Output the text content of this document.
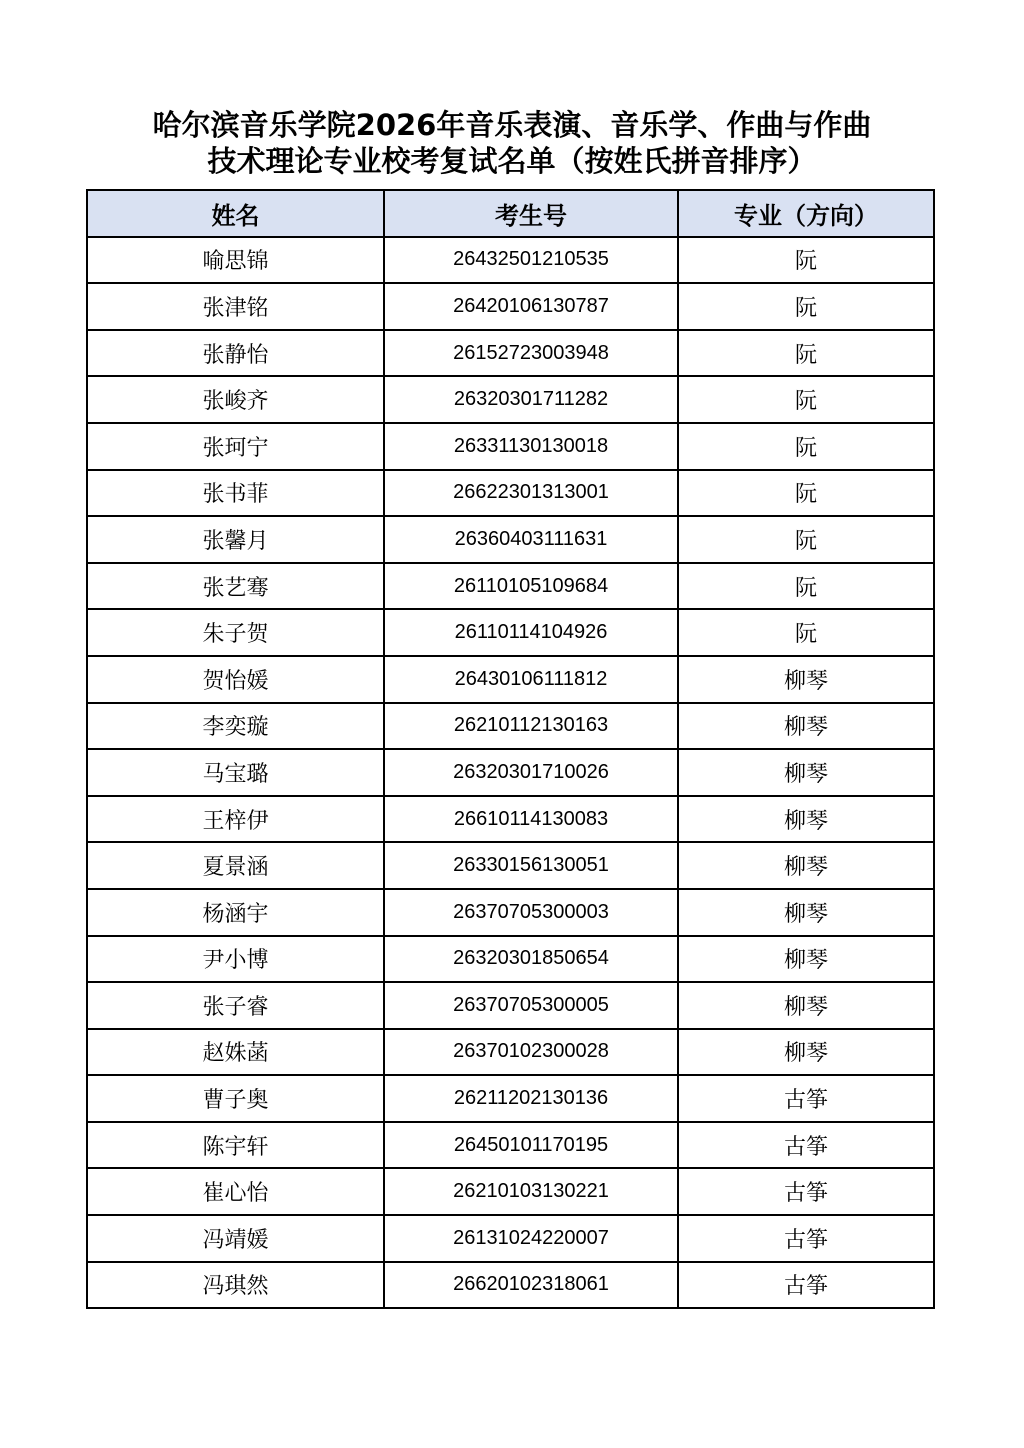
哈尔滨音乐学院2026年音乐表演、音乐学、作曲与作曲
技术理论专业校考复试名单（按姓氏拼音排序）
姓名	考生号	专业（方向）
喻思锦	26432501210535	阮
张津铭	26420106130787	阮
张静怡	26152723003948	阮
张峻齐	26320301711282	阮
张珂宁	26331130130018	阮
张书菲	26622301313001	阮
张馨月	26360403111631	阮
张艺骞	26110105109684	阮
朱子贺	26110114104926	阮
贺怡媛	26430106111812	柳琴
李奕璇	26210112130163	柳琴
马宝璐	26320301710026	柳琴
王梓伊	26610114130083	柳琴
夏景涵	26330156130051	柳琴
杨涵宇	26370705300003	柳琴
尹小博	26320301850654	柳琴
张子睿	26370705300005	柳琴
赵姝菡	26370102300028	柳琴
曹子奥	26211202130136	古筝
陈宇轩	26450101170195	古筝
崔心怡	26210103130221	古筝
冯靖媛	26131024220007	古筝
冯琪然	26620102318061	古筝
